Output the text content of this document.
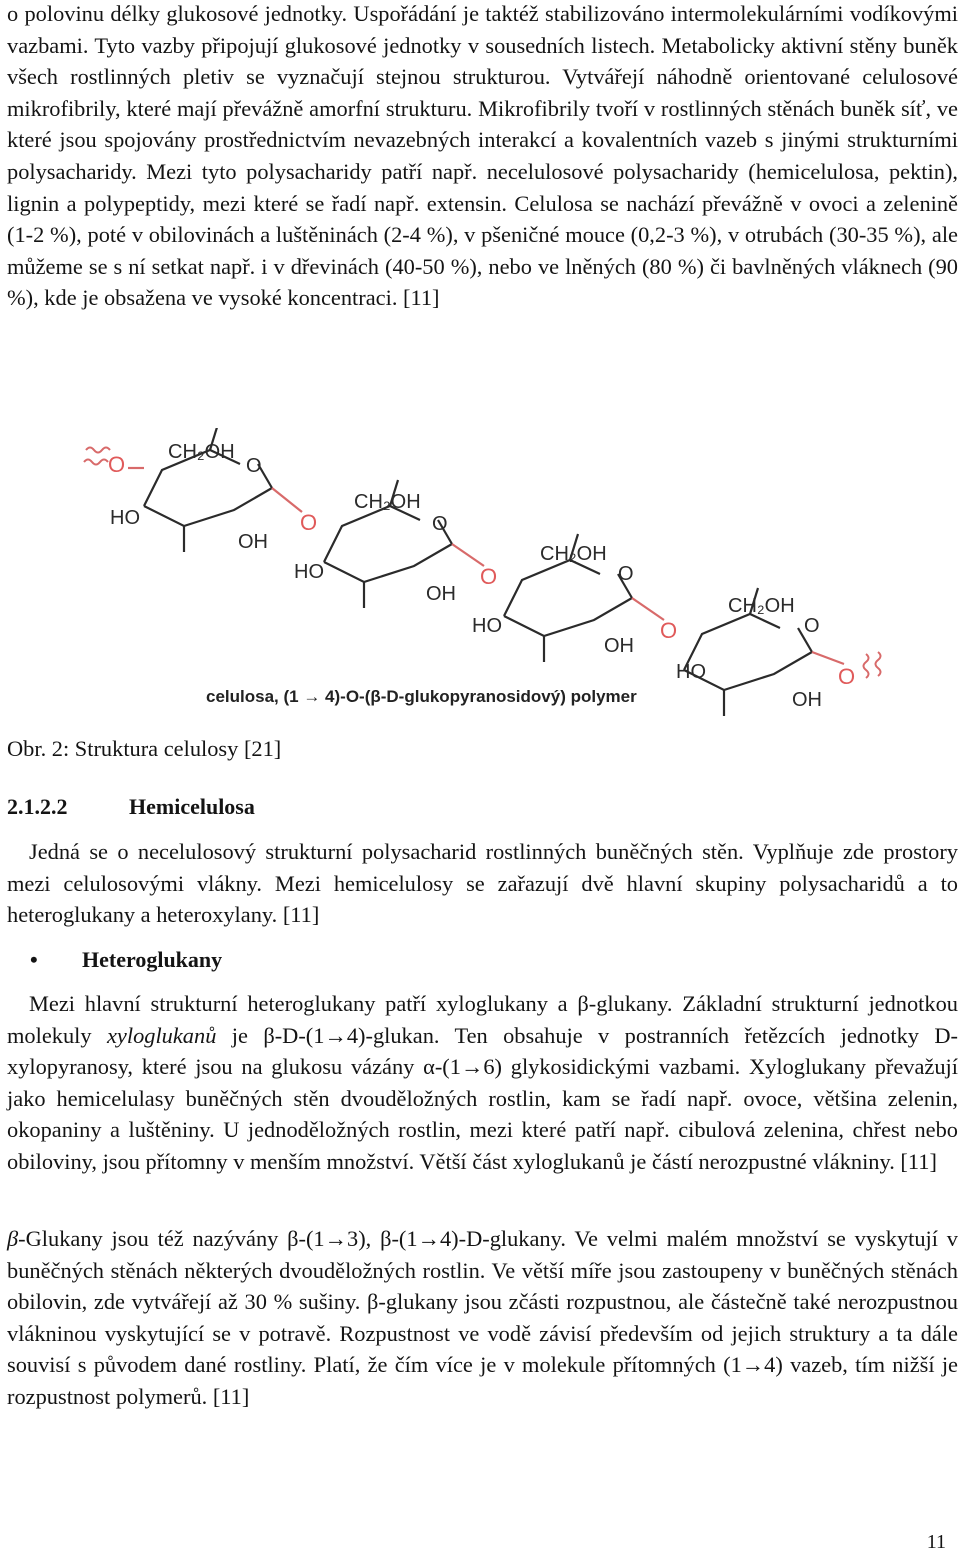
o polovinu délky glukosové jednotky. Uspořádání je taktéž stabilizováno intermolekulárními vodíkovými vazbami. Tyto vazby připojují glukosové jednotky v sousedních listech. Metabolicky aktivní stěny buněk všech rostlinných pletiv se vyznačují stejnou strukturou. Vytvářejí náhodně orientované celulosové mikrofibrily, které mají převážně amorfní strukturu. Mikrofibrily tvoří v rostlinných stěnách buněk síť, ve které jsou spojovány prostřednictvím nevazebných interakcí a kovalentních vazeb s jinými strukturními polysacharidy. Mezi tyto polysacharidy patří např. necelulosové polysacharidy (hemicelulosa, pektin), lignin a polypeptidy, mezi které se řadí např. extensin. Celulosa se nachází převážně v ovoci a zelenině (1-2 %), poté v obilovinách a luštěninách (2-4 %), v pšeničné mouce (0,2-3 %), v otrubách (30-35 %), ale můžeme se s ní setkat např. i v dřevinách (40-50 %), nebo ve lněných (80 %) či bavlněných vláknech (90 %), kde je obsažena ve vysoké koncentraci. [11]
O CH₂OH
O
HO
OH
O
CH₂OH
O
HO
OH
O
CH₂OH
O
HO
OH
O
CH₂OH
O
HO
OH
O
celulosa, (1 → 4)-O-(β-D-glukopyranosidový) polymer
Obr. 2: Struktura celulosy [21]
2.1.2.2	Hemicelulosa
Jedná se o necelulosový strukturní polysacharid rostlinných buněčných stěn. Vyplňuje zde prostory mezi celulosovými vlákny. Mezi hemicelulosy se zařazují dvě hlavní skupiny polysacharidů a to heteroglukany a heteroxylany. [11]
• Heteroglukany
Mezi hlavní strukturní heteroglukany patří xyloglukany a β-glukany. Základní strukturní jednotkou molekuly xyloglukanů je β-D-(1→4)-glukan. Ten obsahuje v postranních řetězcích jednotky D-xylopyranosy, které jsou na glukosu vázány α-(1→6) glykosidickými vazbami. Xyloglukany převažují jako hemicelulasy buněčných stěn dvouděložných rostlin, kam se řadí např. ovoce, většina zelenin, okopaniny a luštěniny. U jednoděložných rostlin, mezi které patří např. cibulová zelenina, chřest nebo obiloviny, jsou přítomny v menším množství. Větší část xyloglukanů je částí nerozpustné vlákniny. [11]
β-Glukany jsou též nazývány β-(1→3), β-(1→4)-D-glukany. Ve velmi malém množství se vyskytují v buněčných stěnách některých dvouděložných rostlin. Ve větší míře jsou zastoupeny v buněčných stěnách obilovin, zde vytvářejí až 30 % sušiny. β-glukany jsou zčásti rozpustnou, ale částečně také nerozpustnou vlákninou vyskytující se v potravě. Rozpustnost ve vodě závisí především od jejich struktury a ta dále souvisí s původem dané rostliny. Platí, že čím více je v molekule přítomných (1→4) vazeb, tím nižší je rozpustnost polymerů. [11]
11
